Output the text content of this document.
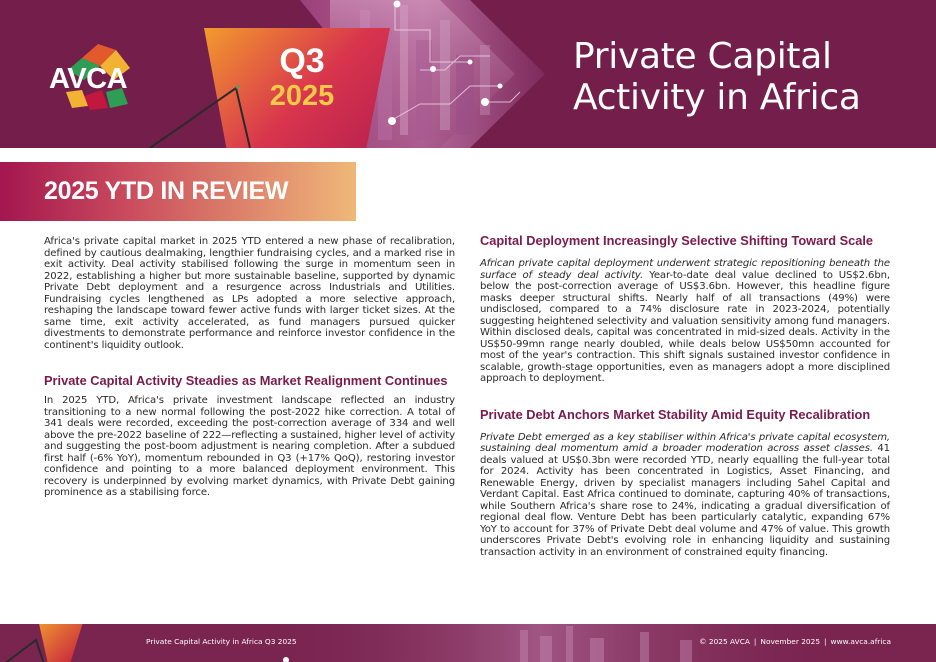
AVCA	Q3
2025
Private Capital
Activity in Africa
2025 YTD IN REVIEW

Africa's private capital market in 2025 YTD entered a new phase of recalibration, defined by cautious dealmaking, lengthier fundraising cycles, and a marked rise in exit activity. Deal activity stabilised following the surge in momentum seen in 2022, establishing a higher but more sustainable baseline, supported by dynamic Private Debt deployment and a resurgence across Industrials and Utilities. Fundraising cycles lengthened as LPs adopted a more selective approach, reshaping the landscape toward fewer active funds with larger ticket sizes. At the same time, exit activity accelerated, as fund managers pursued quicker divestments to demonstrate performance and reinforce investor confidence in the continent's liquidity outlook.

Private Capital Activity Steadies as Market Realignment Continues

In 2025 YTD, Africa's private investment landscape reflected an industry transitioning to a new normal following the post-2022 hike correction. A total of 341 deals were recorded, exceeding the post-correction average of 334 and well above the pre-2022 baseline of 222—reflecting a sustained, higher level of activity and suggesting the post-boom adjustment is nearing completion. After a subdued first half (-6% YoY), momentum rebounded in Q3 (+17% QoQ), restoring investor confidence and pointing to a more balanced deployment environment. This recovery is underpinned by evolving market dynamics, with Private Debt gaining prominence as a stabilising force.

Capital Deployment Increasingly Selective Shifting Toward Scale

African private capital deployment underwent strategic repositioning beneath the surface of steady deal activity. Year-to-date deal value declined to US$2.6bn, below the post-correction average of US$3.6bn. However, this headline figure masks deeper structural shifts. Nearly half of all transactions (49%) were undisclosed, compared to a 74% disclosure rate in 2023-2024, potentially suggesting heightened selectivity and valuation sensitivity among fund managers. Within disclosed deals, capital was concentrated in mid-sized deals. Activity in the US$50-99mn range nearly doubled, while deals below US$50mn accounted for most of the year's contraction. This shift signals sustained investor confidence in scalable, growth-stage opportunities, even as managers adopt a more disciplined approach to deployment.

Private Debt Anchors Market Stability Amid Equity Recalibration

Private Debt emerged as a key stabiliser within Africa's private capital ecosystem, sustaining deal momentum amid a broader moderation across asset classes. 41 deals valued at US$0.3bn were recorded YTD, nearly equalling the full-year total for 2024. Activity has been concentrated in Logistics, Asset Financing, and Renewable Energy, driven by specialist managers including Sahel Capital and Verdant Capital. East Africa continued to dominate, capturing 40% of transactions, while Southern Africa's share rose to 24%, indicating a gradual diversification of regional deal flow. Venture Debt has been particularly catalytic, expanding 67% YoY to account for 37% of Private Debt deal volume and 47% of value. This growth underscores Private Debt's evolving role in enhancing liquidity and sustaining transaction activity in an environment of constrained equity financing.

Private Capital Activity in Africa Q3 2025	© 2025 AVCA | November 2025 | www.avca.africa
